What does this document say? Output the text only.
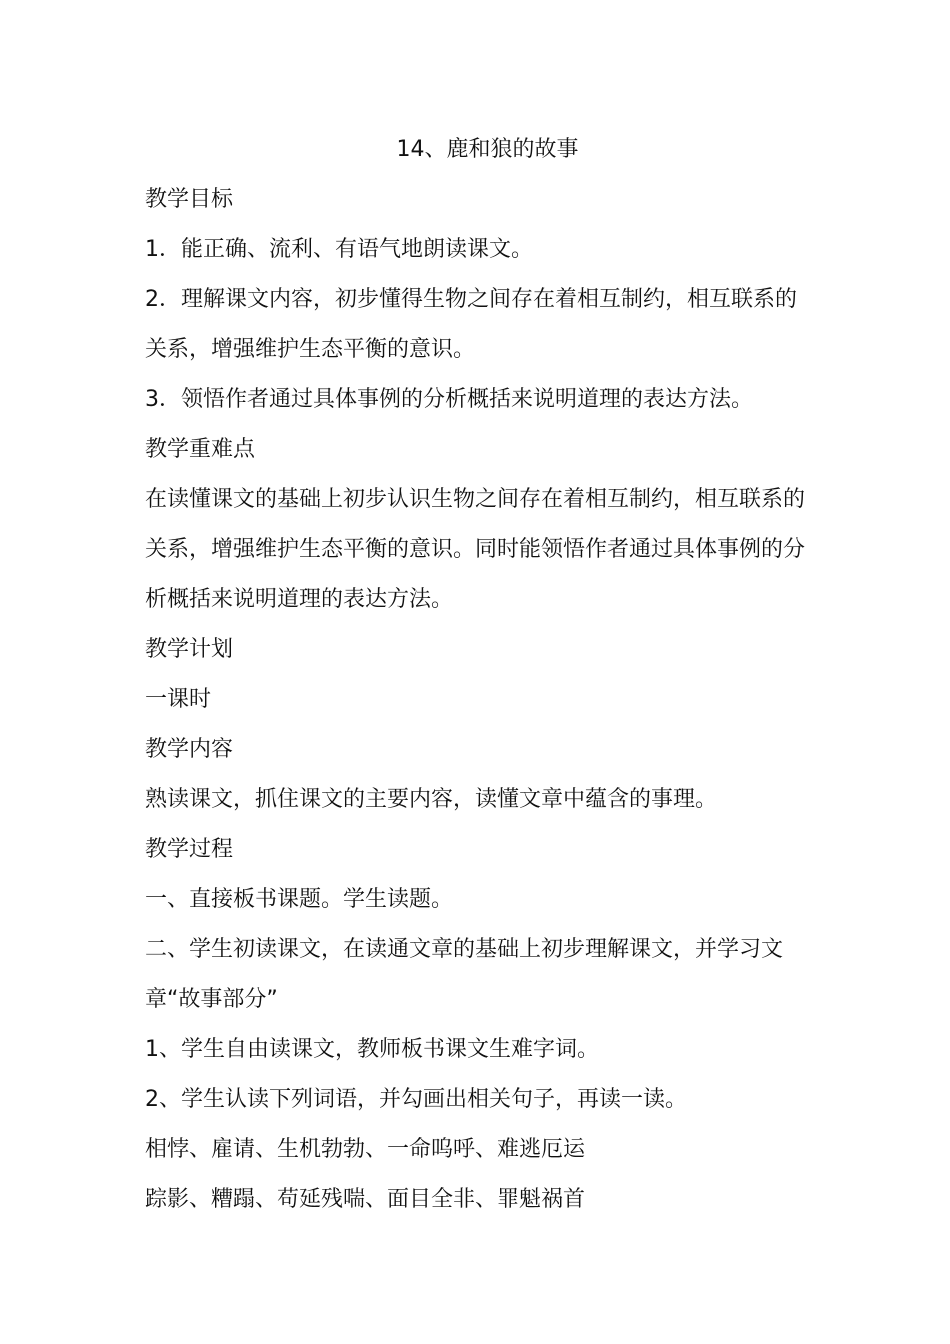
14、鹿和狼的故事

教学目标

1．能正确、流利、有语气地朗读课文。

2．理解课文内容，初步懂得生物之间存在着相互制约，相互联系的关系，增强维护生态平衡的意识。

3．领悟作者通过具体事例的分析概括来说明道理的表达方法。

教学重难点

在读懂课文的基础上初步认识生物之间存在着相互制约，相互联系的关系，增强维护生态平衡的意识。同时能领悟作者通过具体事例的分析概括来说明道理的表达方法。

教学计划

一课时

教学内容

熟读课文，抓住课文的主要内容，读懂文章中蕴含的事理。

教学过程

一、直接板书课题。学生读题。

二、学生初读课文，在读通文章的基础上初步理解课文，并学习文章“故事部分”

1、学生自由读课文，教师板书课文生难字词。

2、学生认读下列词语，并勾画出相关句子，再读一读。

相悖、雇请、生机勃勃、一命呜呼、难逃厄运

踪影、糟蹋、苟延残喘、面目全非、罪魁祸首
